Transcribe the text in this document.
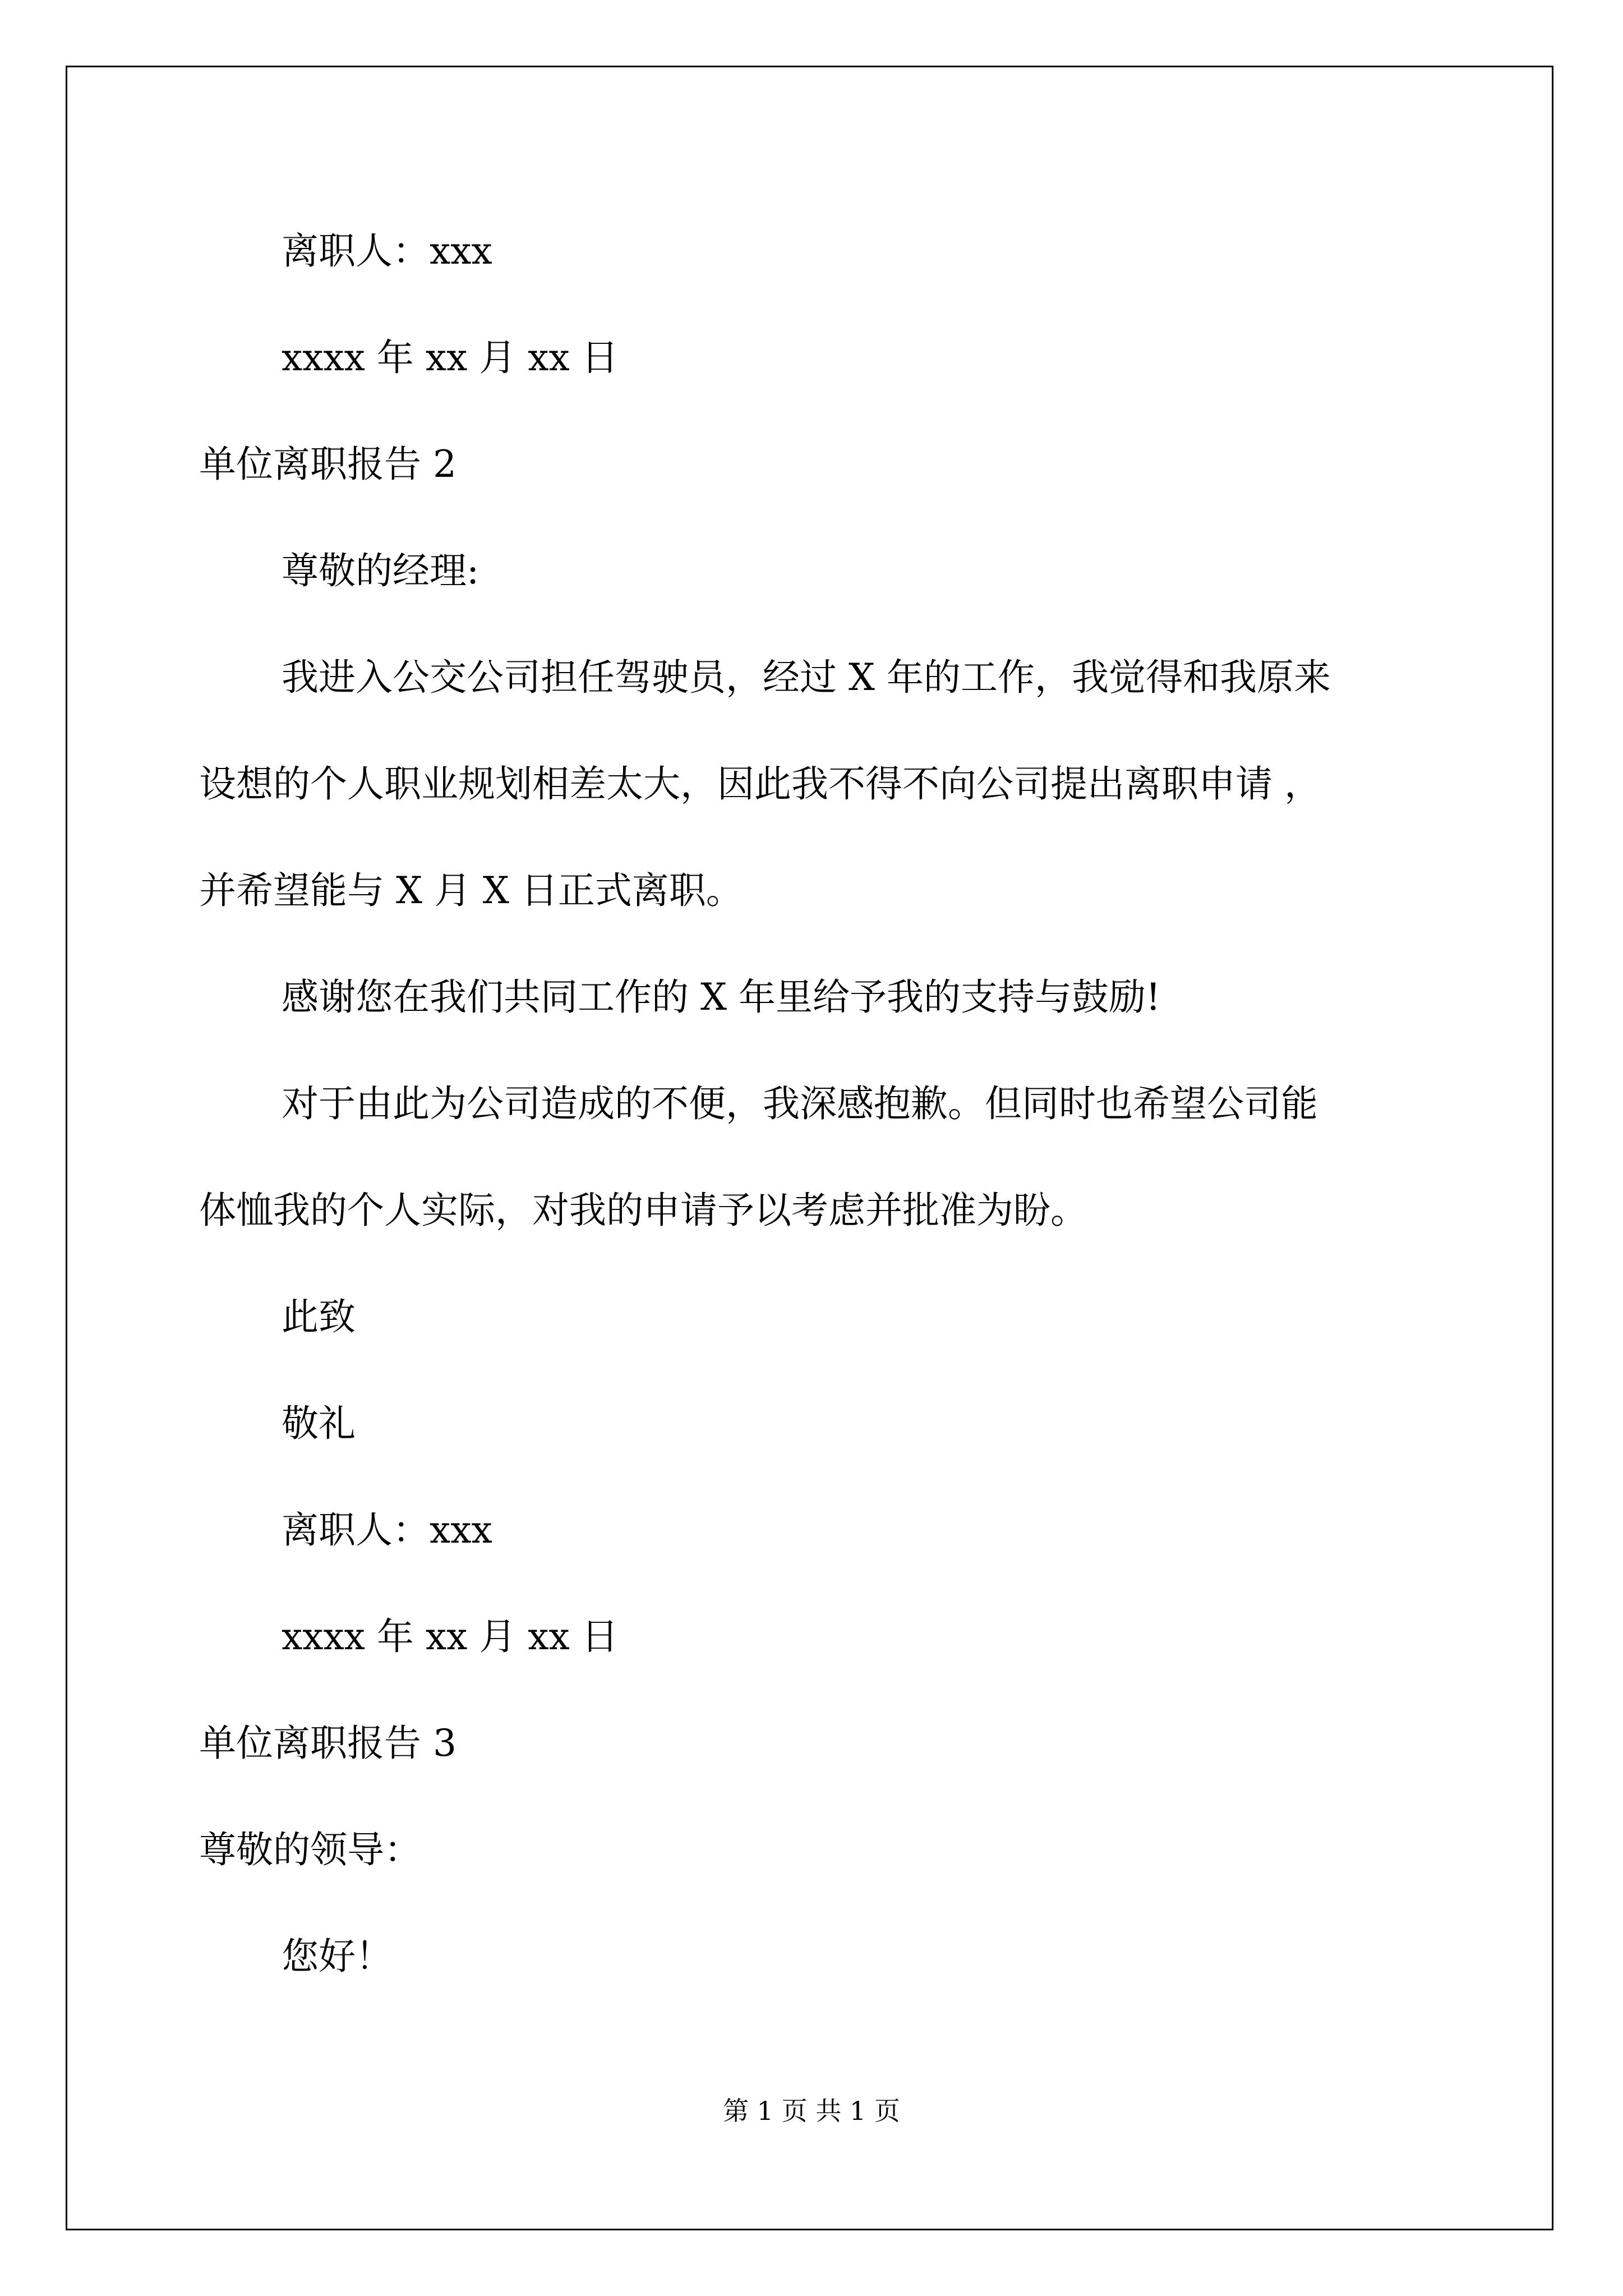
离职人：xxx
xxxx 年 xx 月 xx 日
单位离职报告 2
尊敬的经理:
我进入公交公司担任驾驶员，经过 X 年的工作，我觉得和我原来
设想的个人职业规划相差太大，因此我不得不向公司提出离职申请 ，
并希望能与 X 月 X 日正式离职。
感谢您在我们共同工作的 X 年里给予我的支持与鼓励!
对于由此为公司造成的不便，我深感抱歉。但同时也希望公司能
体恤我的个人实际，对我的申请予以考虑并批准为盼。
此致
敬礼
离职人：xxx
xxxx 年 xx 月 xx 日
单位离职报告 3
尊敬的领导：
您好！
第 1 页 共 1 页
